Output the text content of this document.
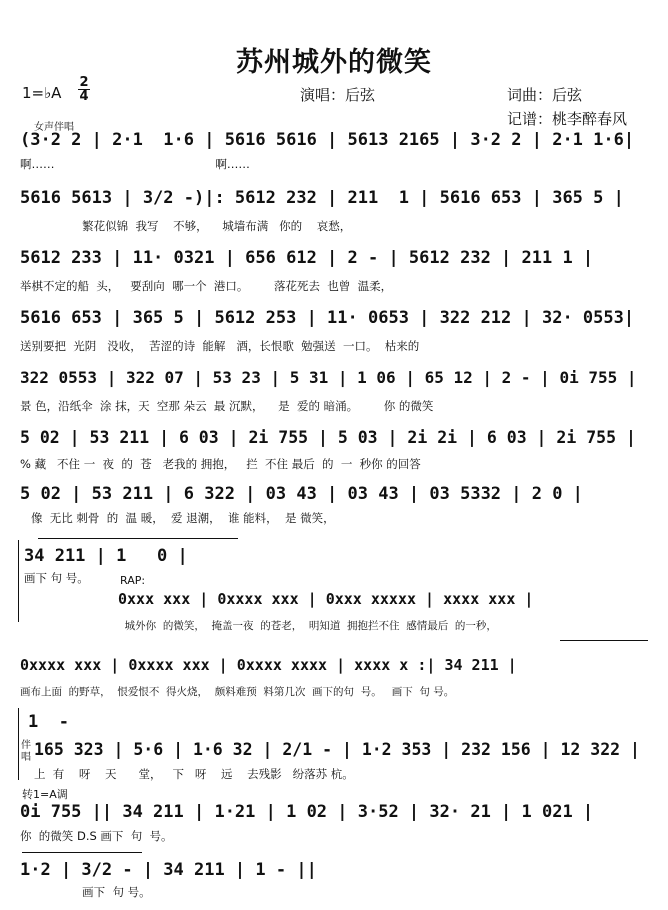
苏州城外的微笑
1=♭A
2
4	演唱：后弦	词曲：后弦
记谱：桃李醉春风
女声伴唱
(3·2 2 | 2·1  1·6 | 5616 5616 | 5613 2165 | 3·2 2 | 2·1 1·6|
啊……                                            啊……
5616 5613 | 3/2 -)|: 5612 232 | 211  1 | 5616 653 | 365 5 |
繁花似锦  我写    不够，    城墙布满   你的    哀愁，
5612 233 | 11· 0321 | 656 612 | 2 - | 5612 232 | 211 1 |
举棋不定的船  头，   要刮向  哪一个  港口。       落花死去  也曾  温柔，
5616 653 | 365 5 | 5612 253 | 11· 0653 | 322 212 | 32· 0553|
送别要把  光阴   没收，  苦涩的诗  能解   酒，长恨歌  勉强送  一口。  枯来的
322 0553 | 322 07 | 53 23 | 5 31 | 1 06 | 65 12 | 2 - | 0i 755 |
景 色，沿纸伞  涂 抹，天  空那 朵云  最 沉默，    是  爱的 暗涌。       你 的微笑
5 02 | 53 211 | 6 03 | 2i 755 | 5 03 | 2i 2i | 6 03 | 2i 755 |
% 藏   不住 一  夜  的  苍   老我的 拥抱，   拦  不住 最后  的  一  秒你 的回答
5 02 | 53 211 | 6 322 | 03 43 | 03 43 | 03 5332 | 2 0 |
像  无比 刺骨  的  温 暖，  爱 退潮，  谁 能料，  是 微笑，
34 211 | 1   0 |
画下 句 号。	RAP:
0xxx xxx | 0xxxx xxx | 0xxx xxxxx | xxxx xxx |
城外你  的微笑，  掩盖一夜  的苍老，  明知道  拥抱拦不住  感情最后  的一秒，
0xxxx xxx | 0xxxx xxx | 0xxxx xxxx | xxxx x :| 34 211 |
画布上面  的野草，  恨爱恨不  得火烧，  颇料难预  料第几次  画下的句  号。   画下  句 号。
1  -
伴唱 165 323 | 5·6 | 1·6 32 | 2/1 - | 1·2 353 | 232 156 | 12 322 |
上  有    呀    天      堂，   下   呀    远    去残影   纷落苏 杭。
转1=A调
0i 755 || 34 211 | 1·21 | 1 02 | 3·52 | 32· 21 | 1 021 |
你  的微笑 D.S 画下  句  号。
1·2 | 3/2 - | 34 211 | 1 - ||
画下  句 号。
